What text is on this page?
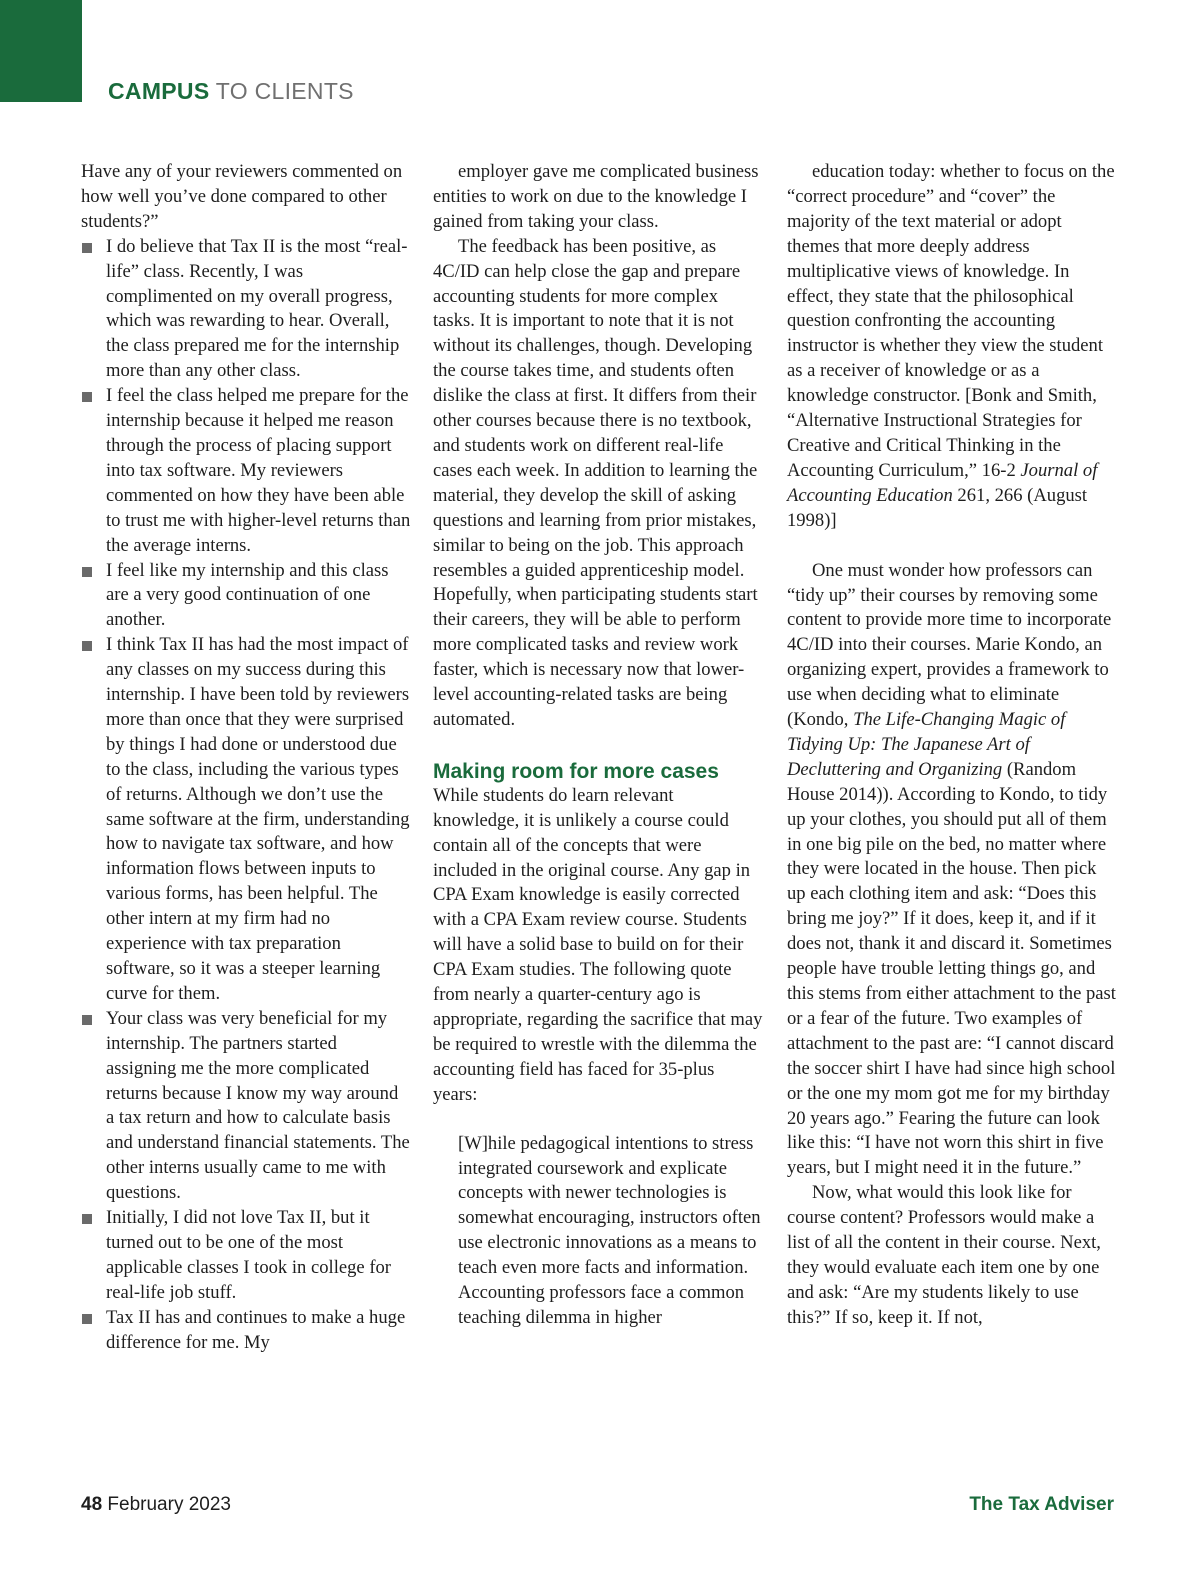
CAMPUS TO CLIENTS

Have any of your reviewers commented on how well you’ve done compared to other students?”

I do believe that Tax II is the most “real-life” class. Recently, I was complimented on my overall progress, which was rewarding to hear. Overall, the class prepared me for the internship more than any other class.
I feel the class helped me prepare for the internship because it helped me reason through the process of placing support into tax software. My reviewers commented on how they have been able to trust me with higher-level returns than the average interns.
I feel like my internship and this class are a very good continuation of one another.
I think Tax II has had the most impact of any classes on my success during this internship. I have been told by reviewers more than once that they were surprised by things I had done or understood due to the class, including the various types of returns. Although we don’t use the same software at the firm, understanding how to navigate tax software, and how information flows between inputs to various forms, has been helpful. The other intern at my firm had no experience with tax preparation software, so it was a steeper learning curve for them.
Your class was very beneficial for my internship. The partners started assigning me the more complicated returns because I know my way around a tax return and how to calculate basis and understand financial statements. The other interns usually came to me with questions.
Initially, I did not love Tax II, but it turned out to be one of the most applicable classes I took in college for real-life job stuff.
Tax II has and continues to make a huge difference for me. My

employer gave me complicated business entities to work on due to the knowledge I gained from taking your class.

The feedback has been positive, as 4C/ID can help close the gap and prepare accounting students for more complex tasks. It is important to note that it is not without its challenges, though. Developing the course takes time, and students often dislike the class at first. It differs from their other courses because there is no textbook, and students work on different real-life cases each week. In addition to learning the material, they develop the skill of asking questions and learning from prior mistakes, similar to being on the job. This approach resembles a guided apprenticeship model. Hopefully, when participating students start their careers, they will be able to perform more complicated tasks and review work faster, which is necessary now that lower-level accounting-related tasks are being automated.

Making room for more cases

While students do learn relevant knowledge, it is unlikely a course could contain all of the concepts that were included in the original course. Any gap in CPA Exam knowledge is easily corrected with a CPA Exam review course. Students will have a solid base to build on for their CPA Exam studies. The following quote from nearly a quarter-century ago is appropriate, regarding the sacrifice that may be required to wrestle with the dilemma the accounting field has faced for 35-plus years:

[W]hile pedagogical intentions to stress integrated coursework and explicate concepts with newer technologies is somewhat encouraging, instructors often use electronic innovations as a means to teach even more facts and information. Accounting professors face a common teaching dilemma in higher

education today: whether to focus on the “correct procedure” and “cover” the majority of the text material or adopt themes that more deeply address multiplicative views of knowledge. In effect, they state that the philosophical question confronting the accounting instructor is whether they view the student as a receiver of knowledge or as a knowledge constructor. [Bonk and Smith, “Alternative Instructional Strategies for Creative and Critical Thinking in the Accounting Curriculum,” 16-2 Journal of Accounting Education 261, 266 (August 1998)]

One must wonder how professors can “tidy up” their courses by removing some content to provide more time to incorporate 4C/ID into their courses. Marie Kondo, an organizing expert, provides a framework to use when deciding what to eliminate (Kondo, The Life-Changing Magic of Tidying Up: The Japanese Art of Decluttering and Organizing (Random House 2014)). According to Kondo, to tidy up your clothes, you should put all of them in one big pile on the bed, no matter where they were located in the house. Then pick up each clothing item and ask: “Does this bring me joy?” If it does, keep it, and if it does not, thank it and discard it. Sometimes people have trouble letting things go, and this stems from either attachment to the past or a fear of the future. Two examples of attachment to the past are: “I cannot discard the soccer shirt I have had since high school or the one my mom got me for my birthday 20 years ago.” Fearing the future can look like this: “I have not worn this shirt in five years, but I might need it in the future.”

Now, what would this look like for course content? Professors would make a list of all the content in their course. Next, they would evaluate each item one by one and ask: “Are my students likely to use this?” If so, keep it. If not,

48 February 2023	The Tax Adviser
